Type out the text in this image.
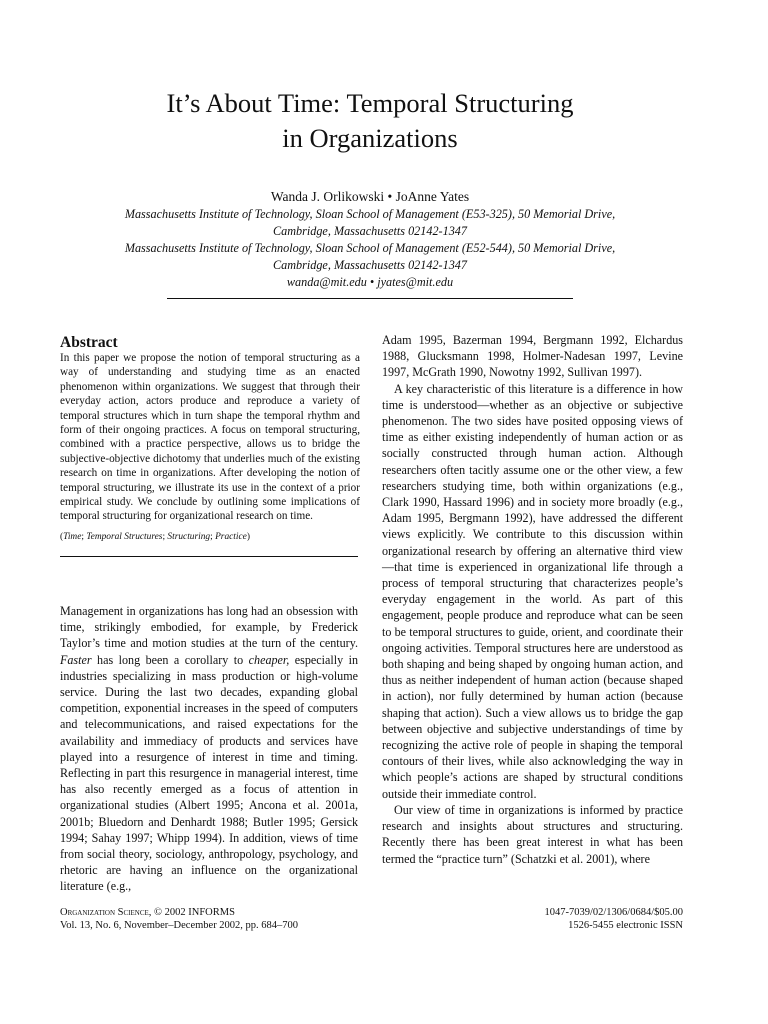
It’s About Time: Temporal Structuring
in Organizations
Wanda J. Orlikowski • JoAnne Yates
Massachusetts Institute of Technology, Sloan School of Management (E53-325), 50 Memorial Drive,
Cambridge, Massachusetts 02142-1347
Massachusetts Institute of Technology, Sloan School of Management (E52-544), 50 Memorial Drive,
Cambridge, Massachusetts 02142-1347
wanda@mit.edu • jyates@mit.edu
Abstract

In this paper we propose the notion of temporal structuring as a way of understanding and studying time as an enacted phenomenon within organizations. We suggest that through their everyday action, actors produce and reproduce a variety of temporal structures which in turn shape the temporal rhythm and form of their ongoing practices. A focus on temporal structuring, combined with a practice perspective, allows us to bridge the subjective-objective dichotomy that underlies much of the existing research on time in organizations. After developing the notion of temporal structuring, we illustrate its use in the context of a prior empirical study. We conclude by outlining some implications of temporal structuring for organizational research on time.

(Time; Temporal Structures; Structuring; Practice)

Management in organizations has long had an obsession with time, strikingly embodied, for example, by Frederick Taylor’s time and motion studies at the turn of the century. Faster has long been a corollary to cheaper, especially in industries specializing in mass production or high-volume service. During the last two decades, expanding global competition, exponential increases in the speed of computers and telecommunications, and raised expectations for the availability and immediacy of products and services have played into a resurgence of interest in time and timing. Reflecting in part this resurgence in managerial interest, time has also recently emerged as a focus of attention in organizational studies (Albert 1995; Ancona et al. 2001a, 2001b; Bluedorn and Denhardt 1988; Butler 1995; Gersick 1994; Sahay 1997; Whipp 1994). In addition, views of time from social theory, sociology, anthropology, psychology, and rhetoric are having an influence on the organizational literature (e.g.,

Adam 1995, Bazerman 1994, Bergmann 1992, Elchardus 1988, Glucksmann 1998, Holmer-Nadesan 1997, Levine 1997, McGrath 1990, Nowotny 1992, Sullivan 1997).

A key characteristic of this literature is a difference in how time is understood—whether as an objective or subjective phenomenon. The two sides have posited opposing views of time as either existing independently of human action or as socially constructed through human action. Although researchers often tacitly assume one or the other view, a few researchers studying time, both within organizations (e.g., Clark 1990, Hassard 1996) and in society more broadly (e.g., Adam 1995, Bergmann 1992), have addressed the different views explicitly. We contribute to this discussion within organizational research by offering an alternative third view—that time is experienced in organizational life through a process of temporal structuring that characterizes people’s everyday engagement in the world. As part of this engagement, people produce and reproduce what can be seen to be temporal structures to guide, orient, and coordinate their ongoing activities. Temporal structures here are understood as both shaping and being shaped by ongoing human action, and thus as neither independent of human action (because shaped in action), nor fully determined by human action (because shaping that action). Such a view allows us to bridge the gap between objective and subjective understandings of time by recognizing the active role of people in shaping the temporal contours of their lives, while also acknowledging the way in which people’s actions are shaped by structural conditions outside their immediate control.

Our view of time in organizations is informed by practice research and insights about structures and structuring. Recently there has been great interest in what has been termed the “practice turn” (Schatzki et al. 2001), where

Organization Science, © 2002 INFORMS
Vol. 13, No. 6, November–December 2002, pp. 684–700
1047-7039/02/1306/0684/$05.00
1526-5455 electronic ISSN
